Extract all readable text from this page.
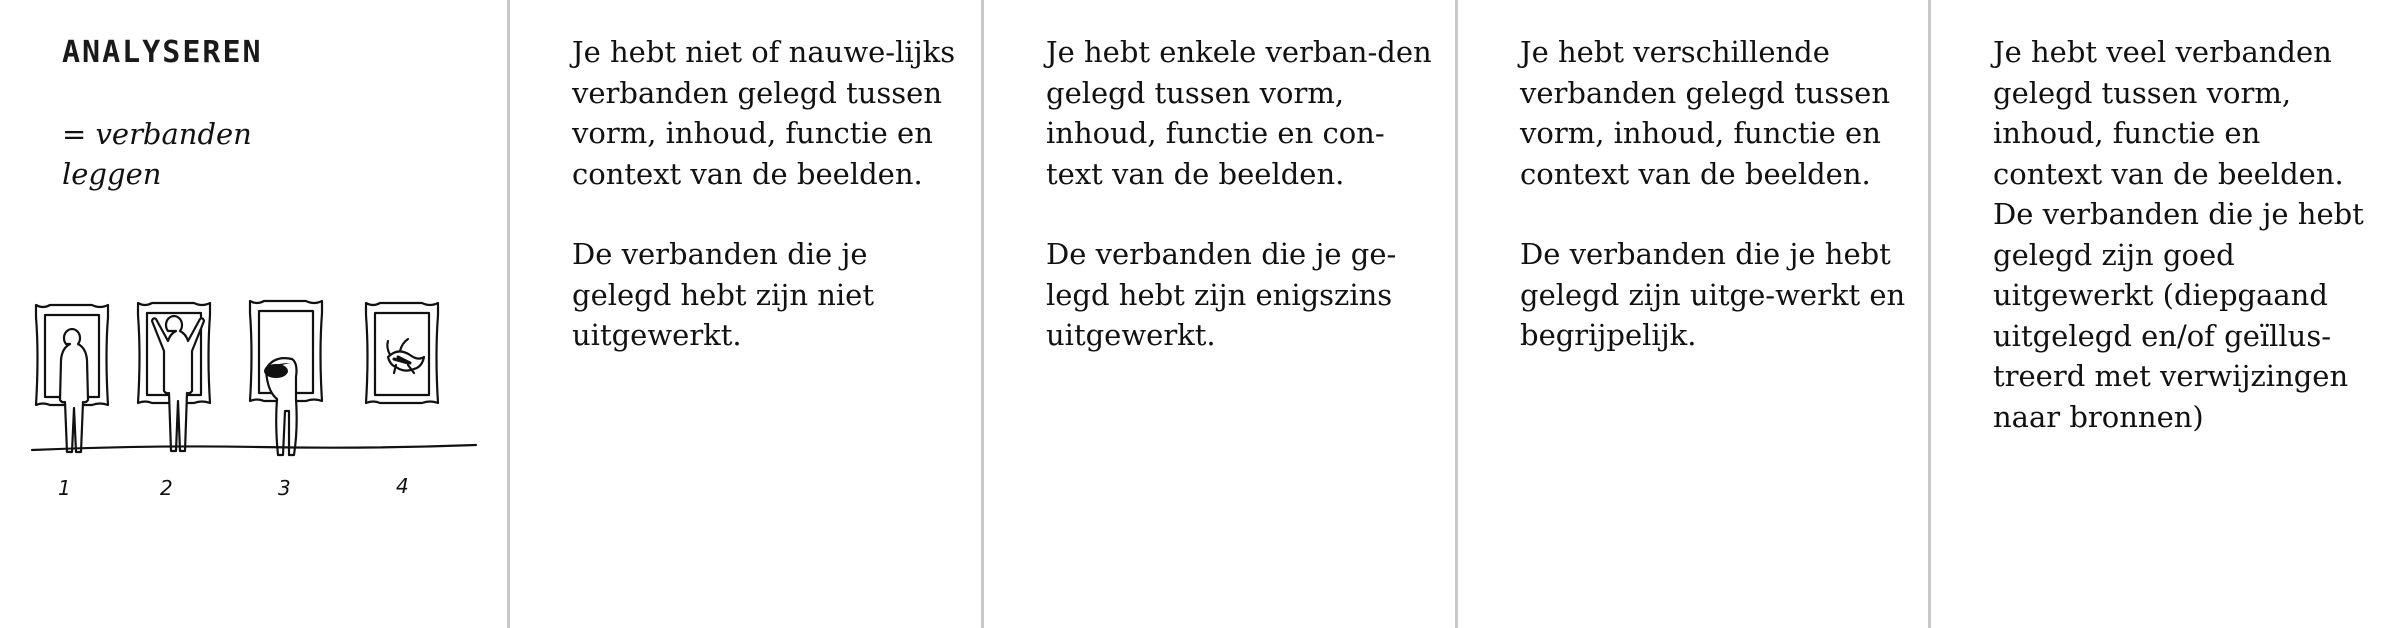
ANALYSEREN
= verbanden leggen
1	2	3	4

Je hebt niet of nauwe-lijks verbanden gelegd tussen vorm, inhoud, functie en context van de beelden.

De verbanden die je gelegd hebt zijn niet uitgewerkt.

Je hebt enkele verban-den gelegd tussen vorm, inhoud, functie en con-text van de beelden.

De verbanden die je ge-legd hebt zijn enigszins uitgewerkt.

Je hebt verschillende verbanden gelegd tussen vorm, inhoud, functie en context van de beelden.

De verbanden die je hebt gelegd zijn uitge-werkt en begrijpelijk.

Je hebt veel verbanden gelegd tussen vorm, inhoud, functie en context van de beelden. De verbanden die je hebt gelegd zijn goed uitgewerkt (diepgaand uitgelegd en/of geïllus-treerd met verwijzingen naar bronnen)
